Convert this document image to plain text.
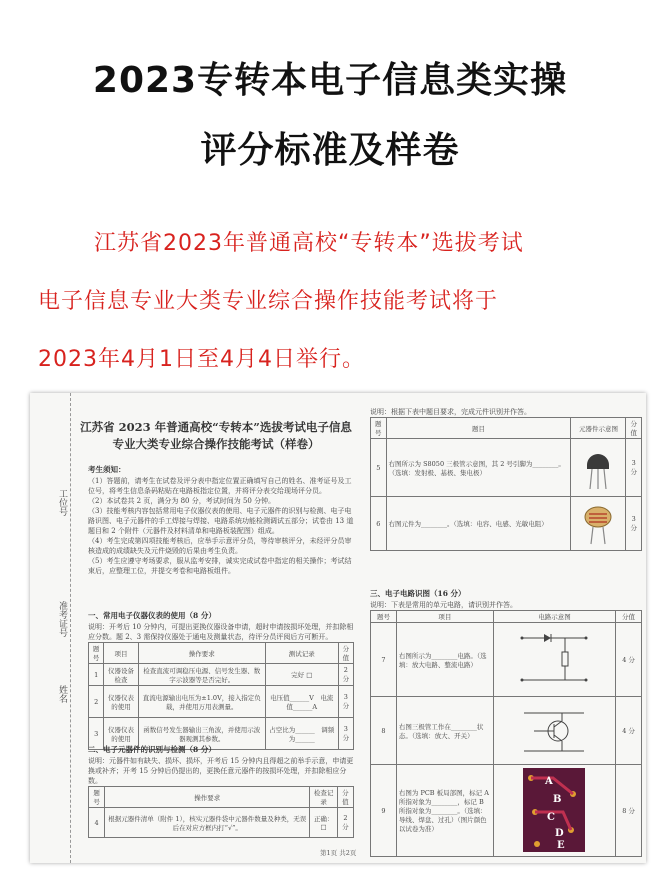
2023专转本电子信息类实操
评分标准及样卷
江苏省2023年普通高校“专转本”选拔考试
电子信息专业大类专业综合操作技能考试将于
2023年4月1日至4月4日举行。
工位号
准考证号
姓名
江苏省 2023 年普通高校“专转本”选拔考试电子信息
专业大类专业综合操作技能考试（样卷）
考生须知：
（1）答题前，请考生在试卷及评分表中指定位置正确填写自己的姓名、准考证号及工位号，将考生信息条码粘贴在电路板指定位置，并将评分表交给现场评分员。
（2）本试卷共 2 页，满分为 80 分，考试时间为 50 分钟。
（3）技能考核内容包括常用电子仪器仪表的使用、电子元器件的识别与检测、电子电路识图、电子元器件的手工焊接与焊接、电路系统功能检测调试五部分；试卷由 13 道题目和 2 个附件（元器件及材料清单和电路板装配图）组成。
（4）考生完成第四项技能考核后，应举手示意评分员，等待审核评分，未经评分员审核造成的成绩缺失及元件烧毁的后果由考生负责。
（5）考生应遵守考场要求，服从监考安排，诚实完成试卷中指定的相关操作；考试结束后，应整理工位，并提交考卷和电路板组件。
一、常用电子仪器仪表的使用（8 分）
说明：开考后 10 分钟内，可提出更换仪器设备申请，超时申请按损坏处理，并扣除相应分数。题 2、3 需保持仪器处于通电及测量状态，待评分员评阅后方可断开。
题号	项目	操作要求	测试记录	分值
1	仪器设备检查	检查直流可调稳压电源、信号发生器、数字示波器等是否完好。	完好 □	2 分
2	仪器仪表的使用	直流电源输出电压为±1.0V，接入指定负载，并使用万用表测量。	电压值______V　电流值______A	3 分
3	仪器仪表的使用	函数信号发生器输出三角波，并使用示波器观测其参数。	占空比为______　调频为______	3 分
二、电子元器件的识别与检测（8 分）
说明：元器件如有缺失、损坏、损坏，开考后 15 分钟内且得超之前举手示意，申请更换或补齐；开考 15 分钟后仍提出的，更换任意元器件的按损坏处理，并扣除相应分数。
题号	操作要求	检查记录	分值
4	根据元器件清单（附件 1），核实元器件袋中元器件数量及种类，无误后在对应方框内打“√”。	正确：□	2 分
说明：根据下表中题目要求，完成元件识别并作答。
题号	题目	元器件示意图	分值
5	右图所示为 S8050 三极管示意图，其 2 号引脚为________。（选填：发射极、基极、集电极）		3 分
6	右图元件为________。（选填：电容、电感、光敏电阻）		3 分
三、电子电路识图（16 分）
说明：下表是常用的单元电路，请识别并作答。
题号	项目	电路示意图	分值
7	右图所示为________电路。（选填：放大电路、整流电路）		4 分
8	右图三极管工作在________状态。（选填：放大、开关）		4 分
9	右图为 PCB 板局部图，标记 A 所指对象为________，标记 B 所指对象为________。（选填：导线、焊盘、过孔）（图片颜色以试卷为准）	A
B
C
D
E	8 分
第1页 共2页
